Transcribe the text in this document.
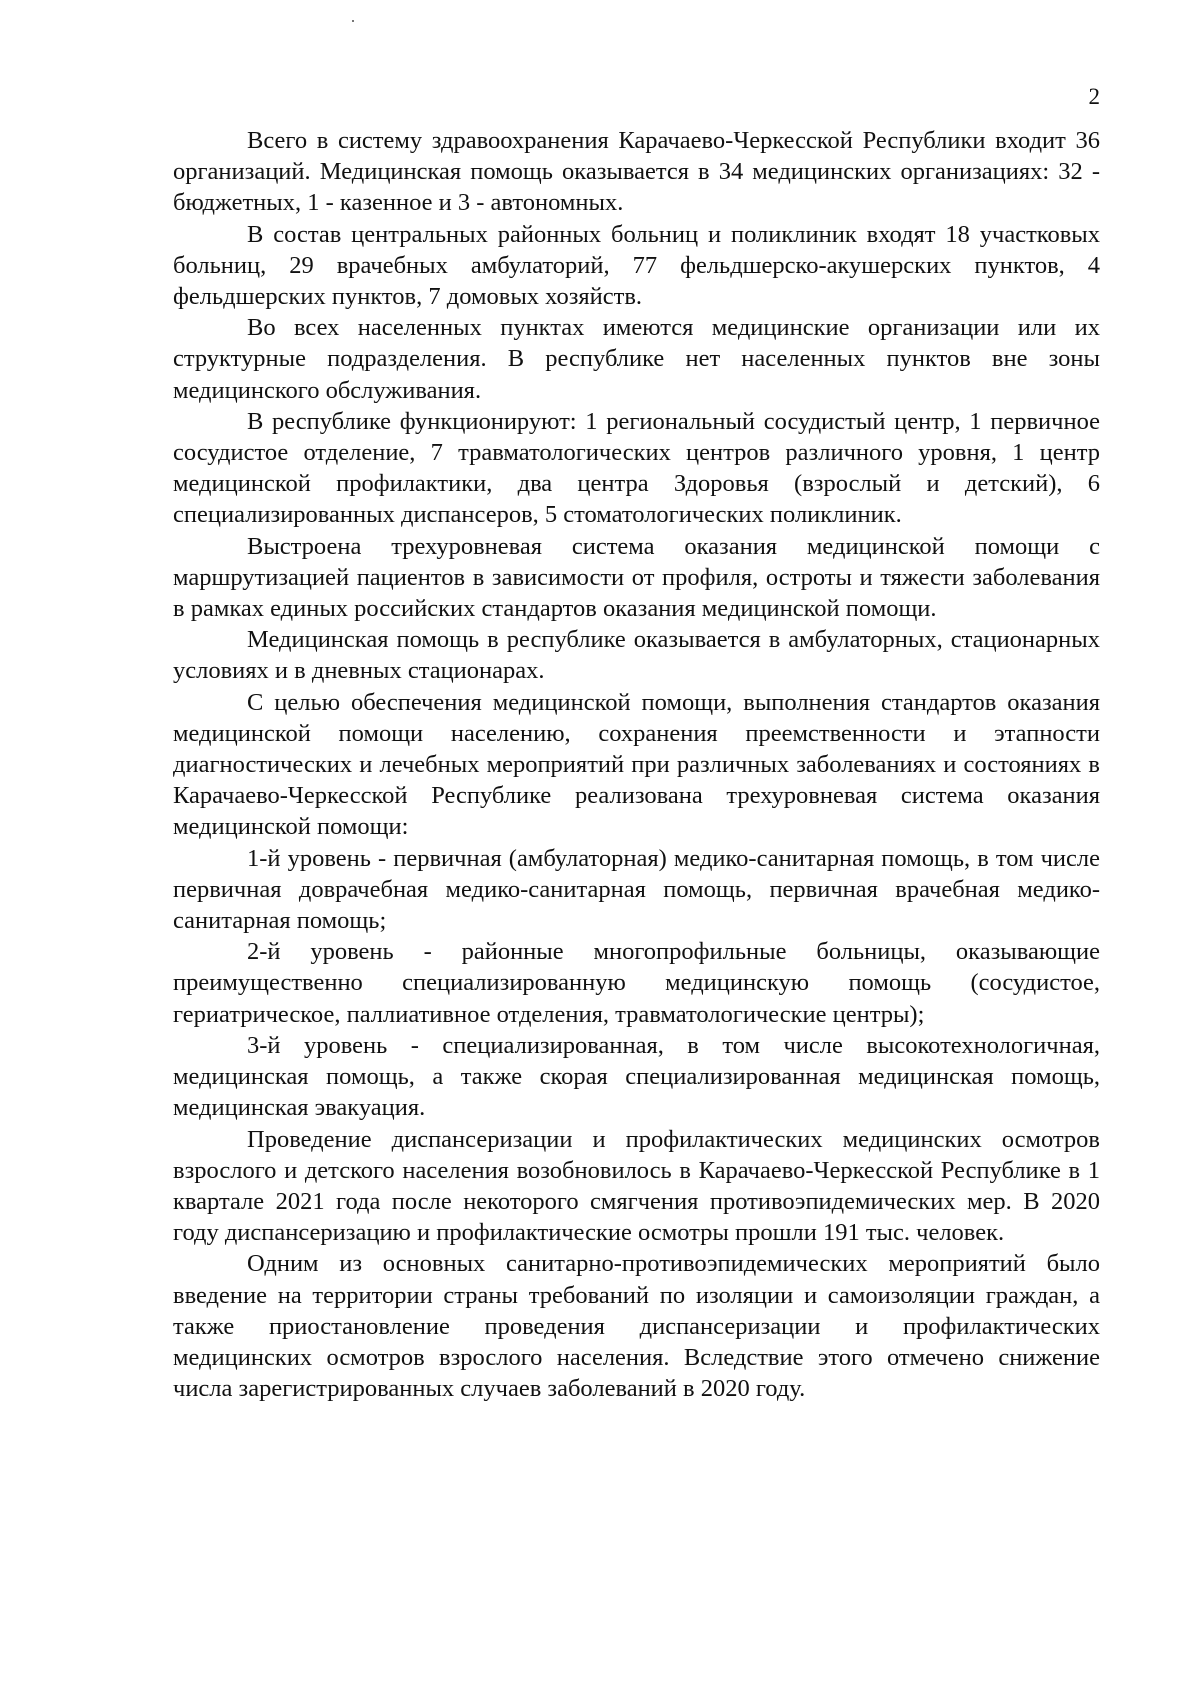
2

Всего в систему здравоохранения Карачаево-Черкесской Республики входит 36 организаций. Медицинская помощь оказывается в 34 медицинских организациях: 32 - бюджетных, 1 - казенное и 3 - автономных.

В состав центральных районных больниц и поликлиник входят 18 участковых больниц, 29 врачебных амбулаторий, 77 фельдшерско-акушерских пунктов, 4 фельдшерских пунктов, 7 домовых хозяйств.

Во всех населенных пунктах имеются медицинские организации или их структурные подразделения. В республике нет населенных пунктов вне зоны медицинского обслуживания.

В республике функционируют: 1 региональный сосудистый центр, 1 первичное сосудистое отделение, 7 травматологических центров различного уровня, 1 центр медицинской профилактики, два центра Здоровья (взрослый и детский), 6 специализированных диспансеров, 5 стоматологических поликлиник.

Выстроена трехуровневая система оказания медицинской помощи с маршрутизацией пациентов в зависимости от профиля, остроты и тяжести заболевания в рамках единых российских стандартов оказания медицинской помощи.

Медицинская помощь в республике оказывается в амбулаторных, стационарных условиях и в дневных стационарах.

С целью обеспечения медицинской помощи, выполнения стандартов оказания медицинской помощи населению, сохранения преемственности и этапности диагностических и лечебных мероприятий при различных заболеваниях и состояниях в Карачаево-Черкесской Республике реализована трехуровневая система оказания медицинской помощи:

1-й уровень - первичная (амбулаторная) медико-санитарная помощь, в том числе первичная доврачебная медико-санитарная помощь, первичная врачебная медико-санитарная помощь;

2-й уровень - районные многопрофильные больницы, оказывающие преимущественно специализированную медицинскую помощь (сосудистое, гериатрическое, паллиативное отделения, травматологические центры);

3-й уровень - специализированная, в том числе высокотехнологичная, медицинская помощь, а также скорая специализированная медицинская помощь, медицинская эвакуация.

Проведение диспансеризации и профилактических медицинских осмотров взрослого и детского населения возобновилось в Карачаево-Черкесской Республике в 1 квартале 2021 года после некоторого смягчения противоэпидемических мер. В 2020 году диспансеризацию и профилактические осмотры прошли 191 тыс. человек.

Одним из основных санитарно-противоэпидемических мероприятий было введение на территории страны требований по изоляции и самоизоляции граждан, а также приостановление проведения диспансеризации и профилактических медицинских осмотров взрослого населения. Вследствие этого отмечено снижение числа зарегистрированных случаев заболеваний в 2020 году.
